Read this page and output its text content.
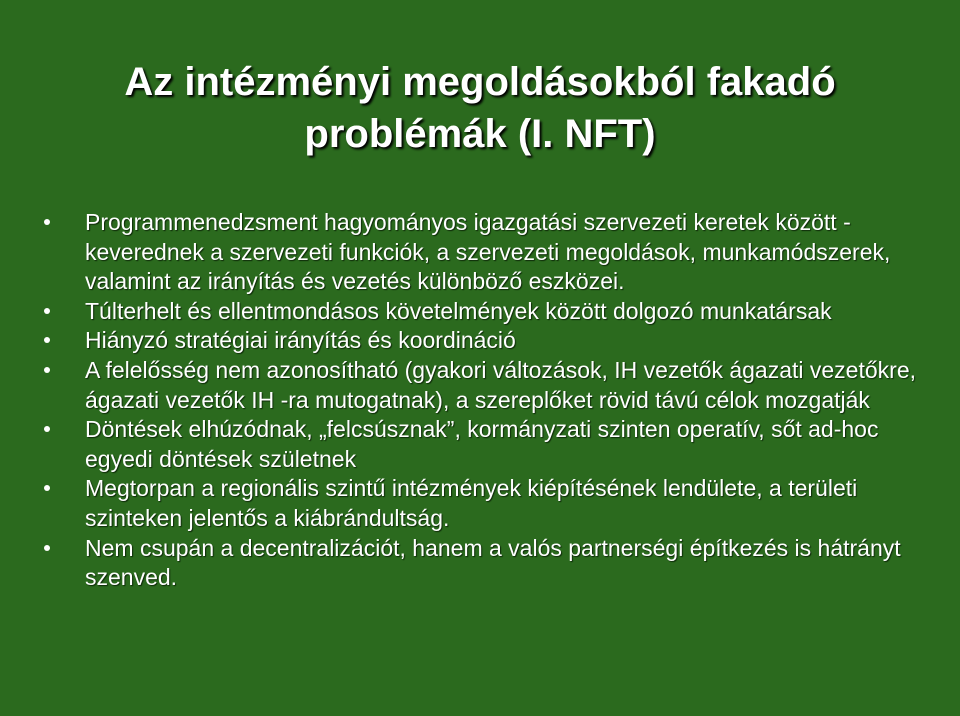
Az intézményi megoldásokból fakadó
problémák (I. NFT)
Programmenedzsment hagyományos igazgatási szervezeti keretek között - keverednek a szervezeti funkciók, a szervezeti megoldások, munkamódszerek, valamint az irányítás és vezetés különböző eszközei.
Túlterhelt és ellentmondásos követelmények között dolgozó munkatársak
Hiányzó stratégiai irányítás és koordináció
A felelősség nem azonosítható (gyakori változások, IH vezetők ágazati vezetőkre, ágazati vezetők IH -ra mutogatnak), a szereplőket rövid távú célok mozgatják
Döntések elhúzódnak, „felcsúsznak”, kormányzati szinten operatív, sőt ad-hoc egyedi döntések születnek
Megtorpan a regionális szintű intézmények kiépítésének lendülete, a területi szinteken jelentős a kiábrándultság.
Nem csupán a decentralizációt, hanem a valós partnerségi építkezés is hátrányt szenved.
